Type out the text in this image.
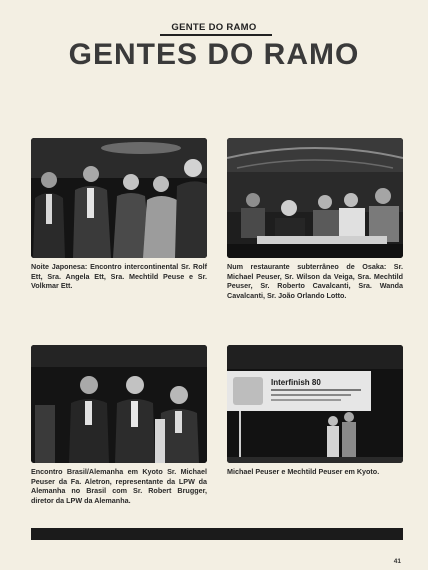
GENTE DO RAMO
GENTES DO RAMO
Noite Japonesa: Encontro intercontinental Sr. Rolf Ett, Sra. Angela Ett, Sra. Mechtild Peuse e Sr. Volkmar Ett.
Num restaurante subterrâneo de Osaka: Sr. Michael Peuser, Sr. Wilson da Veiga, Sra. Mechtild Peuser, Sr. Roberto Cavalcanti, Sra. Wanda Cavalcanti, Sr. João Orlando Lotto.
Encontro Brasil/Alemanha em Kyoto Sr. Michael Peuser da Fa. Aletron, representante da LPW da Alemanha no Brasil com Sr. Robert Brugger, diretor da LPW da Alemanha.
Interfinish 80
Michael Peuser e Mechtild Peuser em Kyoto.
41
